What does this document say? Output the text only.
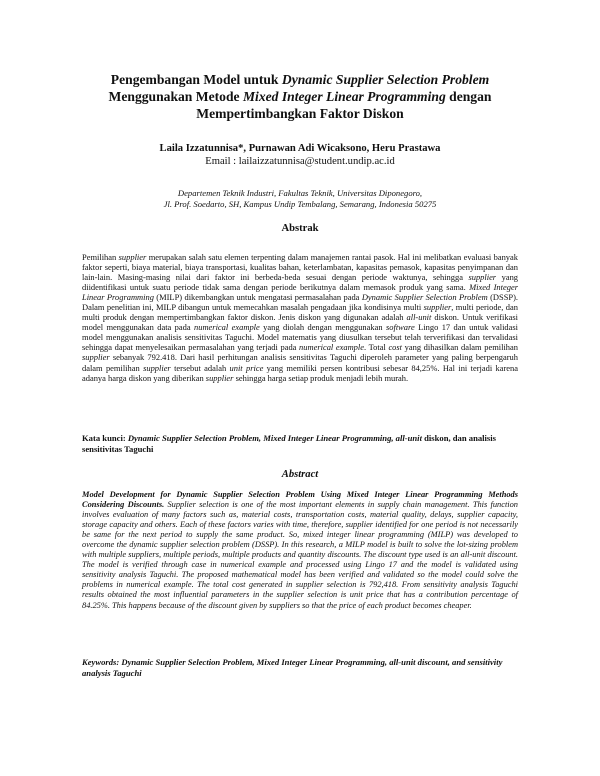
Pengembangan Model untuk Dynamic Supplier Selection Problem
Menggunakan Metode Mixed Integer Linear Programming dengan
Mempertimbangkan Faktor Diskon
Laila Izzatunnisa*, Purnawan Adi Wicaksono, Heru Prastawa
Email : lailaizzatunnisa@student.undip.ac.id
Departemen Teknik Industri, Fakultas Teknik, Universitas Diponegoro,
Jl. Prof. Soedarto, SH, Kampus Undip Tembalang, Semarang, Indonesia 50275
Abstrak

Pemilihan supplier merupakan salah satu elemen terpenting dalam manajemen rantai pasok. Hal ini melibatkan evaluasi banyak faktor seperti, biaya material, biaya transportasi, kualitas bahan, keterlambatan, kapasitas pemasok, kapasitas penyimpanan dan lain-lain. Masing-masing nilai dari faktor ini berbeda-beda sesuai dengan periode waktunya, sehingga supplier yang diidentifikasi untuk suatu periode tidak sama dengan periode berikutnya dalam memasok produk yang sama. Mixed Integer Linear Programming (MILP) dikembangkan untuk mengatasi permasalahan pada Dynamic Supplier Selection Problem (DSSP). Dalam penelitian ini, MILP dibangun untuk memecahkan masalah pengadaan jika kondisinya multi supplier, multi periode, dan multi produk dengan mempertimbangkan faktor diskon. Jenis diskon yang digunakan adalah all-unit diskon. Untuk verifikasi model menggunakan data pada numerical example yang diolah dengan menggunakan software Lingo 17 dan untuk validasi model menggunakan analisis sensitivitas Taguchi. Model matematis yang diusulkan tersebut telah terverifikasi dan tervalidasi sehingga dapat menyelesaikan permasalahan yang terjadi pada numerical example. Total cost yang dihasilkan dalam pemilihan supplier sebanyak 792.418. Dari hasil perhitungan analisis sensitivitas Taguchi diperoleh parameter yang paling berpengaruh dalam pemilihan supplier tersebut adalah unit price yang memiliki persen kontribusi sebesar 84,25%. Hal ini terjadi karena adanya harga diskon yang diberikan supplier sehingga harga setiap produk menjadi lebih murah.

Kata kunci: Dynamic Supplier Selection Problem, Mixed Integer Linear Programming, all-unit diskon, dan analisis sensitivitas Taguchi

Abstract

Model Development for Dynamic Supplier Selection Problem Using Mixed Integer Linear Programming Methods Considering Discounts. Supplier selection is one of the most important elements in supply chain management. This function involves evaluation of many factors such as, material costs, transportation costs, material quality, delays, supplier capacity, storage capacity and others. Each of these factors varies with time, therefore, supplier identified for one period is not necessarily be same for the next period to supply the same product. So, mixed integer linear programming (MILP) was developed to overcome the dynamic supplier selection problem (DSSP). In this research, a MILP model is built to solve the lot-sizing problem with multiple suppliers, multiple periods, multiple products and quantity discounts. The discount type used is an all-unit discount. The model is verified through case in numerical example and processed using Lingo 17 and the model is validated using sensitivity analysis Taguchi. The proposed mathematical model has been verified and validated so the model could solve the problems in numerical example. The total cost generated in supplier selection is 792,418. From sensitivity analysis Taguchi results obtained the most influential parameters in the supplier selection is unit price that has a contribution percentage of 84.25%. This happens because of the discount given by suppliers so that the price of each product becomes cheaper.

Keywords: Dynamic Supplier Selection Problem, Mixed Integer Linear Programming, all-unit discount, and sensitivity analysis Taguchi
